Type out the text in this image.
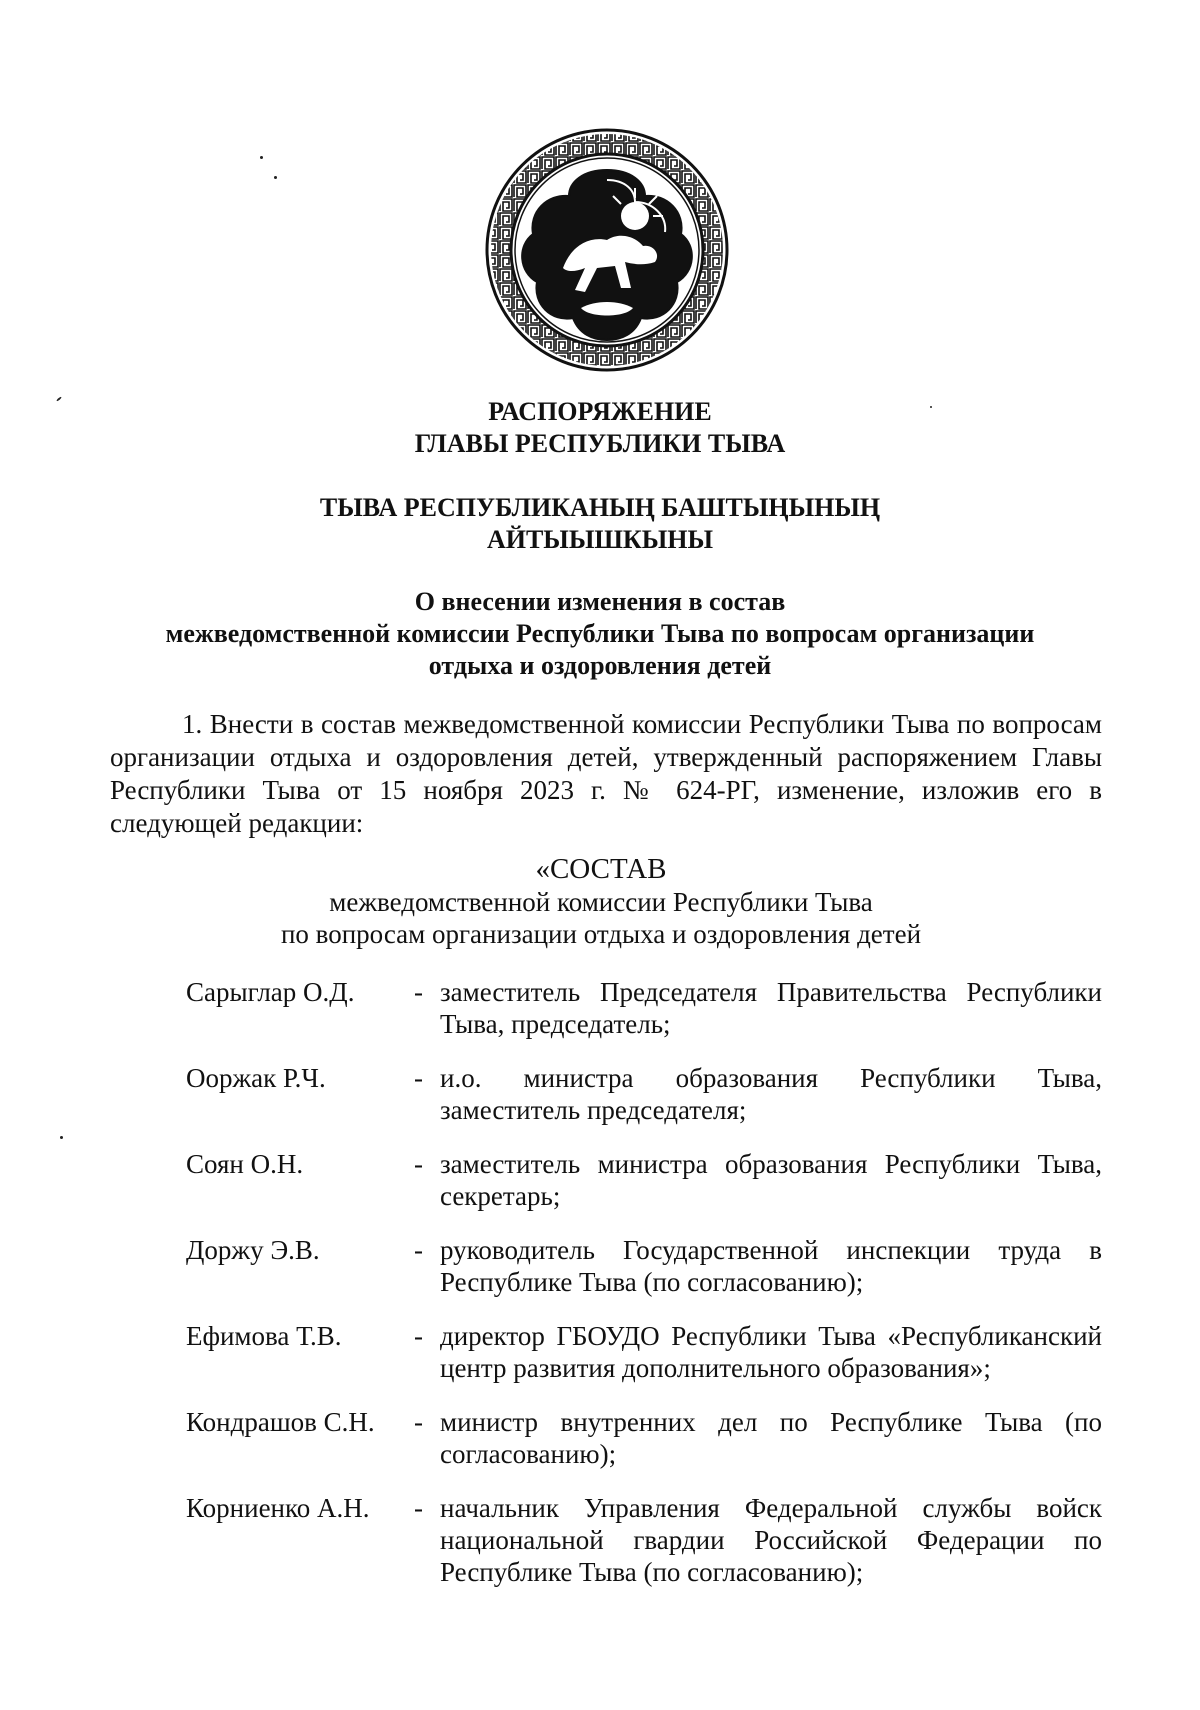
РАСПОРЯЖЕНИЕ
ГЛАВЫ РЕСПУБЛИКИ ТЫВА
ТЫВА РЕСПУБЛИКАНЫҢ БАШТЫҢЫНЫҢ
АЙТЫЫШКЫНЫ
О внесении изменения в состав
межведомственной комиссии Республики Тыва по вопросам организации
отдыха и оздоровления детей

1. Внести в состав межведомственной комиссии Республики Тыва по вопросам организации отдыха и оздоровления детей, утвержденный распоряжением Главы Республики Тыва от 15 ноября 2023 г. № 624-РГ, изменение, изложив его в следующей редакции:

«СОСТАВ
межведомственной комиссии Республики Тыва
по вопросам организации отдыха и оздоровления детей
Сарыглар О.Д.	- заместитель Председателя Правительства Республики Тыва, председатель;
Ооржак Р.Ч.	- и.о. министра образования Республики Тыва, заместитель председателя;
Соян О.Н.	- заместитель министра образования Республики Тыва, секретарь;
Доржу Э.В.	- руководитель Государственной инспекции труда в Республике Тыва (по согласованию);
Ефимова Т.В.	- директор ГБОУДО Республики Тыва «Республиканский центр развития дополнительного образования»;
Кондрашов С.Н.	- министр внутренних дел по Республике Тыва (по согласованию);
Корниенко А.Н.	- начальник Управления Федеральной службы войск национальной гвардии Российской Федерации по Республике Тыва (по согласованию);
